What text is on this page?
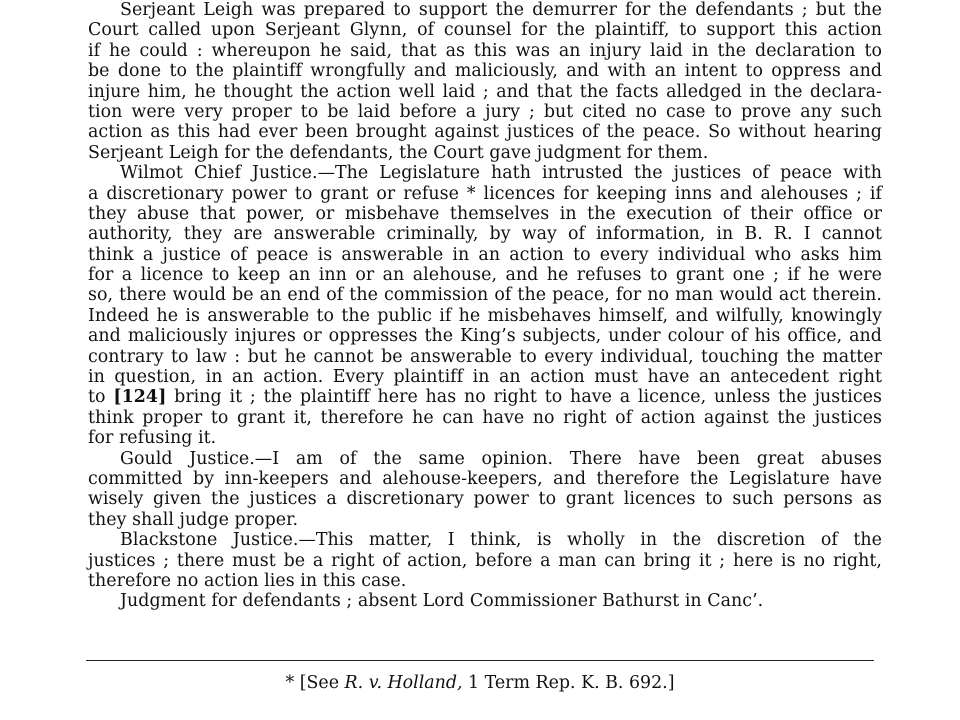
Serjeant Leigh was prepared to support the demurrer for the defendants ; but the
Court called upon Serjeant Glynn, of counsel for the plaintiff, to support this action
if he could : whereupon he said, that as this was an injury laid in the declaration to
be done to the plaintiff wrongfully and maliciously, and with an intent to oppress and
injure him, he thought the action well laid ; and that the facts alledged in the declara-
tion were very proper to be laid before a jury ; but cited no case to prove any such
action as this had ever been brought against justices of the peace. So without hearing
Serjeant Leigh for the defendants, the Court gave judgment for them.
Wilmot Chief Justice.—The Legislature hath intrusted the justices of peace with
a discretionary power to grant or refuse * licences for keeping inns and alehouses ; if
they abuse that power, or misbehave themselves in the execution of their office or
authority, they are answerable criminally, by way of information, in B. R. I cannot
think a justice of peace is answerable in an action to every individual who asks him
for a licence to keep an inn or an alehouse, and he refuses to grant one ; if he were
so, there would be an end of the commission of the peace, for no man would act therein.
Indeed he is answerable to the public if he misbehaves himself, and wilfully, knowingly
and maliciously injures or oppresses the King’s subjects, under colour of his office, and
contrary to law : but he cannot be answerable to every individual, touching the matter
in question, in an action. Every plaintiff in an action must have an antecedent right
to [124] bring it ; the plaintiff here has no right to have a licence, unless the justices
think proper to grant it, therefore he can have no right of action against the justices
for refusing it.
Gould Justice.—I am of the same opinion. There have been great abuses
committed by inn-keepers and alehouse-keepers, and therefore the Legislature have
wisely given the justices a discretionary power to grant licences to such persons as
they shall judge proper.
Blackstone Justice.—This matter, I think, is wholly in the discretion of the
justices ; there must be a right of action, before a man can bring it ; here is no right,
therefore no action lies in this case.
Judgment for defendants ; absent Lord Commissioner Bathurst in Canc’.
* [See R. v. Holland, 1 Term Rep. K. B. 692.]
